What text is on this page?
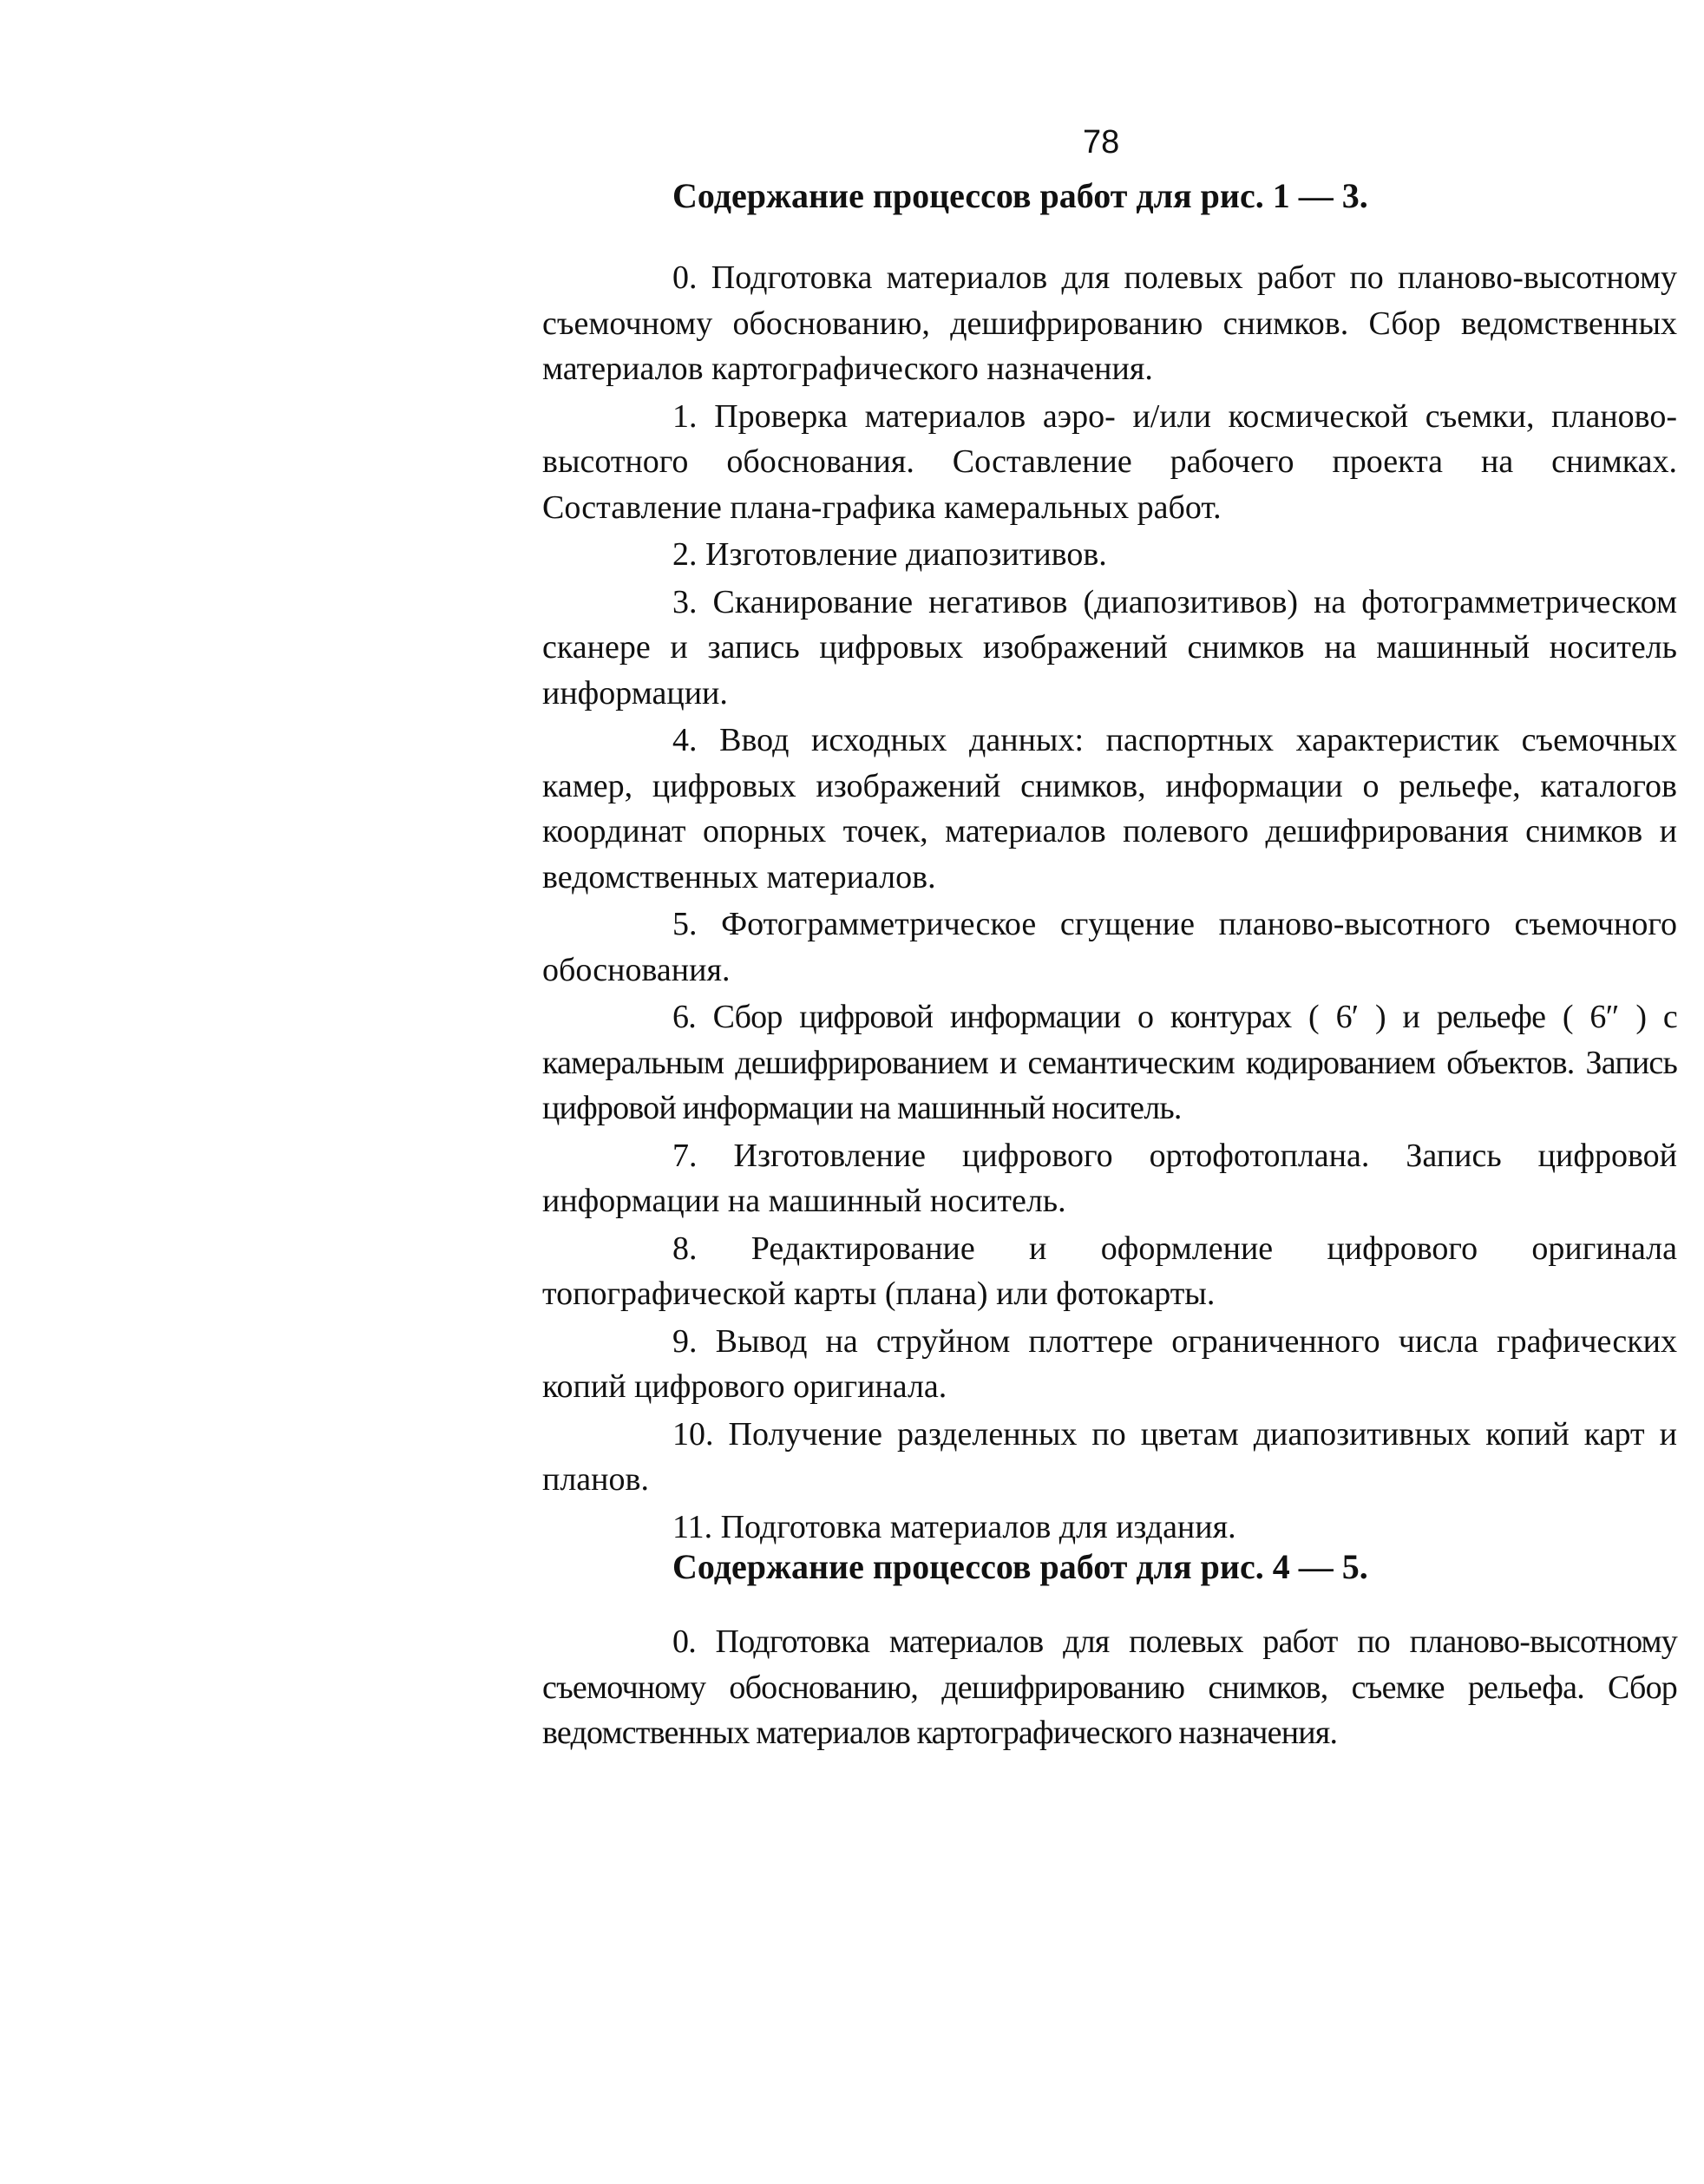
78

Содержание процессов работ для рис. 1 — 3.

0. Подготовка материалов для полевых работ по планово-высотному съемочному обоснованию, дешифрированию снимков. Сбор ведомственных материалов картографического назначения.

1. Проверка материалов аэро- и/или космической съемки, планово-высотного обоснования. Составление рабочего проекта на снимках. Составление плана-графика камеральных работ.

2. Изготовление диапозитивов.

3. Сканирование негативов (диапозитивов) на фотограмметрическом сканере и запись цифровых изображений снимков на машинный носитель информации.

4. Ввод исходных данных: паспортных характеристик съемочных камер, цифровых изображений снимков, информации о рельефе, каталогов координат опорных точек, материалов полевого дешифрирования снимков и ведомственных материалов.

5. Фотограмметрическое сгущение планово-высотного съемочного обоснования.

6. Сбор цифровой информации о контурах ( 6′ ) и рельефе ( 6″ ) с камеральным дешифрированием и семантическим кодированием объектов. Запись цифровой информации на машинный носитель.

7. Изготовление цифрового ортофотоплана. Запись цифровой информации на машинный носитель.

8. Редактирование и оформление цифрового оригинала топографической карты (плана) или фотокарты.

9. Вывод на струйном плоттере ограниченного числа графических копий цифрового оригинала.

10. Получение разделенных по цветам диапозитивных копий карт и планов.

11. Подготовка материалов для издания.

Содержание процессов работ для рис. 4 — 5.

0. Подготовка материалов для полевых работ по планово-высотному съемочному обоснованию, дешифрированию снимков, съемке рельефа. Сбор ведомственных материалов картографического назначения.
